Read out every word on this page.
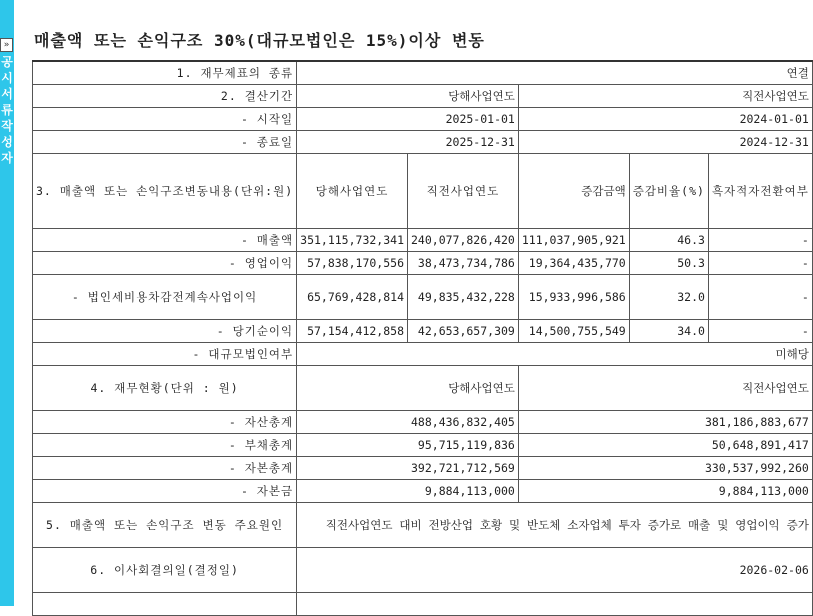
»
공시서류작성자
매출액 또는 손익구조 30%(대규모법인은 15%)이상 변동
1. 재무제표의 종류	연결				
2. 결산기간	당해사업연도		직전사업연도		
- 시작일	2025-01-01		2024-01-01		
- 종료일	2025-12-31		2024-12-31		
3. 매출액 또는 손익구조변동내용(단위:원)	당해사업연도	직전사업연도	증감금액	증감비율(%)	흑자적자전환여부
- 매출액	351,115,732,341	240,077,826,420	111,037,905,921	46.3	-
- 영업이익	57,838,170,556	38,473,734,786	19,364,435,770	50.3	-
- 법인세비용차감전계속사업이익	65,769,428,814	49,835,432,228	15,933,996,586	32.0	-
- 당기순이익	57,154,412,858	42,653,657,309	14,500,755,549	34.0	-
- 대규모법인여부	미해당				
4. 재무현황(단위 : 원)	당해사업연도		직전사업연도		
- 자산총계	488,436,832,405		381,186,883,677		
- 부채총계	95,715,119,836		50,648,891,417		
- 자본총계	392,721,712,569		330,537,992,260		
- 자본금	9,884,113,000		9,884,113,000		
5. 매출액 또는 손익구조 변동 주요원인	직전사업연도 대비 전방산업 호황 및 반도체 소자업체 투자 증가로 매출 및 영업이익 증가				
6. 이사회결의일(결정일)	2026-02-06				
